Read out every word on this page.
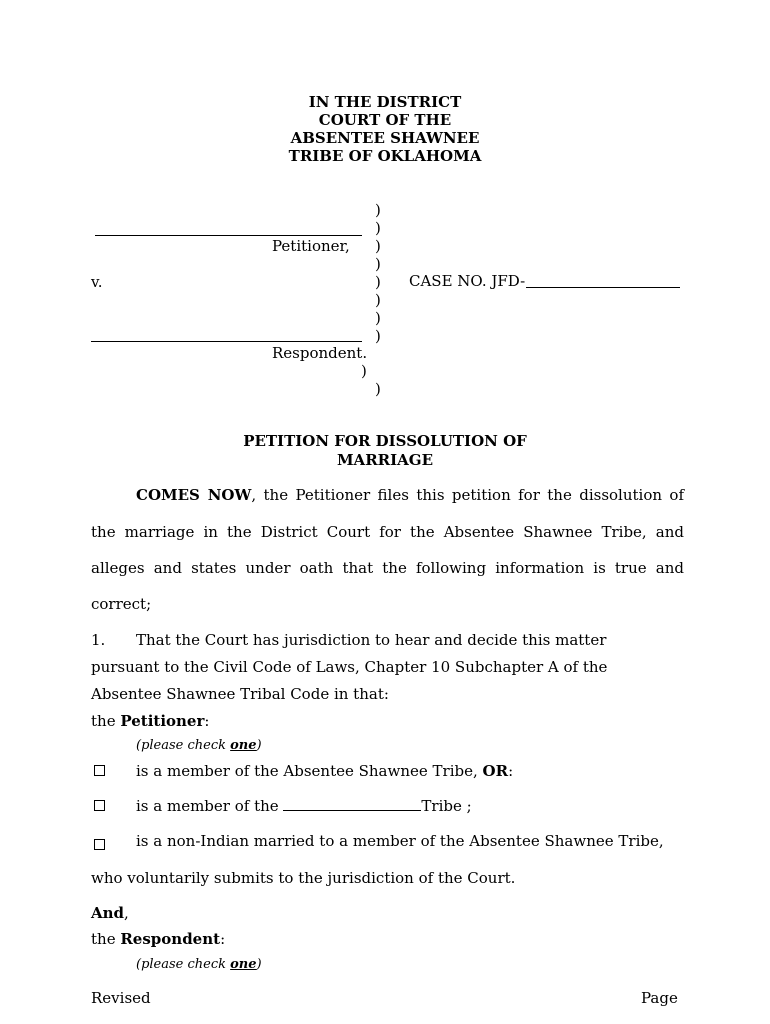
IN THE DISTRICT
COURT OF THE
ABSENTEE SHAWNEE
TRIBE OF OKLAHOMA
)
)
Petitioner, )
)
v.	) CASE NO. JFD-
)
)
)
Respondent.
)
)
PETITION FOR DISSOLUTION OF
MARRIAGE
COMES NOW, the Petitioner files this petition for the dissolution of
the marriage in the District Court for the Absentee Shawnee Tribe, and
alleges and states under oath that the following information is true and
correct;
1. That the Court has jurisdiction to hear and decide this matter
pursuant to the Civil Code of Laws, Chapter 10 Subchapter A of the
Absentee Shawnee Tribal Code in that:
the Petitioner:
(please check one)
is a member of the Absentee Shawnee Tribe, OR:
is a member of the	Tribe ;
is a non-Indian married to a member of the Absentee Shawnee Tribe,
who voluntarily submits to the jurisdiction of the Court.
And,
the Respondent:
(please check one)
Revised	Page
